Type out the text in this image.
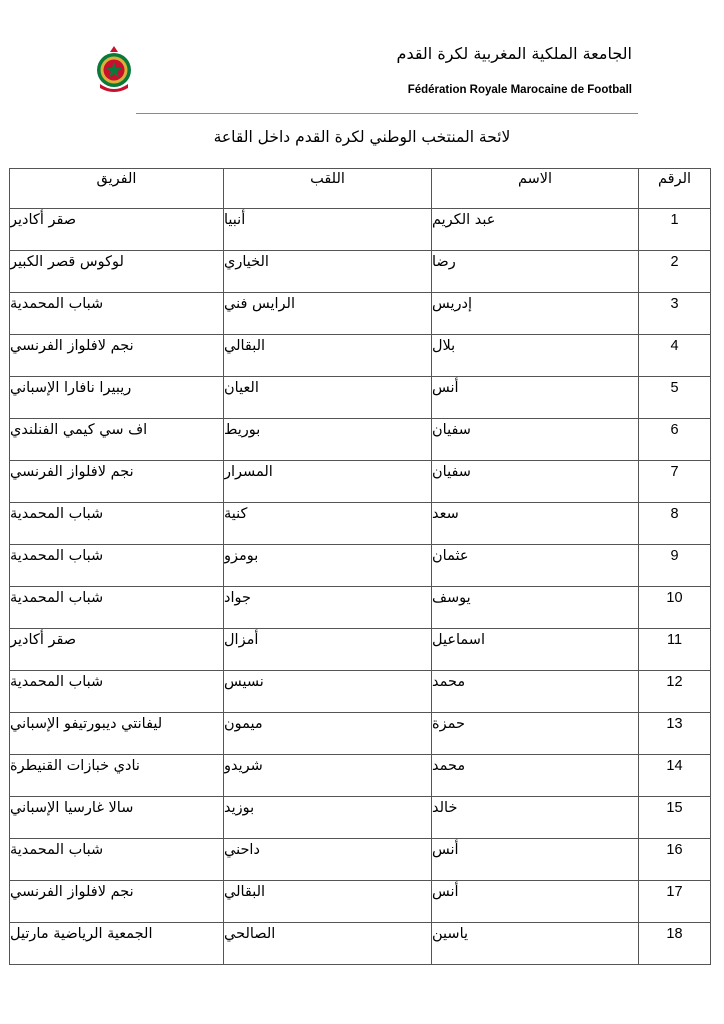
الجامعة الملكية المغربية لكرة القدم
Fédération Royale Marocaine de Football
لائحة المنتخب الوطني لكرة القدم داخل القاعة
الرقم	الاسم	اللقب	الفريق
1	عبد الكريم	أنبيا	صقر أكادير
2	رضا	الخياري	لوكوس قصر الكبير
3	إدريس	الرايس فني	شباب المحمدية
4	بلال	البقالي	نجم لافلواز الفرنسي
5	أنس	العيان	ريبيرا نافارا الإسباني
6	سفيان	بوريط	اف سي كيمي الفنلندي
7	سفيان	المسرار	نجم لافلواز الفرنسي
8	سعد	كنية	شباب المحمدية
9	عثمان	بومزو	شباب المحمدية
10	يوسف	جواد	شباب المحمدية
11	اسماعيل	أمزال	صقر أكادير
12	محمد	نسيس	شباب المحمدية
13	حمزة	ميمون	ليفانتي ديبورتيفو الإسباني
14	محمد	شريدو	نادي خبازات القنيطرة
15	خالد	بوزيد	سالا غارسيا الإسباني
16	أنس	داحني	شباب المحمدية
17	أنس	البقالي	نجم لافلواز الفرنسي
18	ياسين	الصالحي	الجمعية الرياضية مارتيل
